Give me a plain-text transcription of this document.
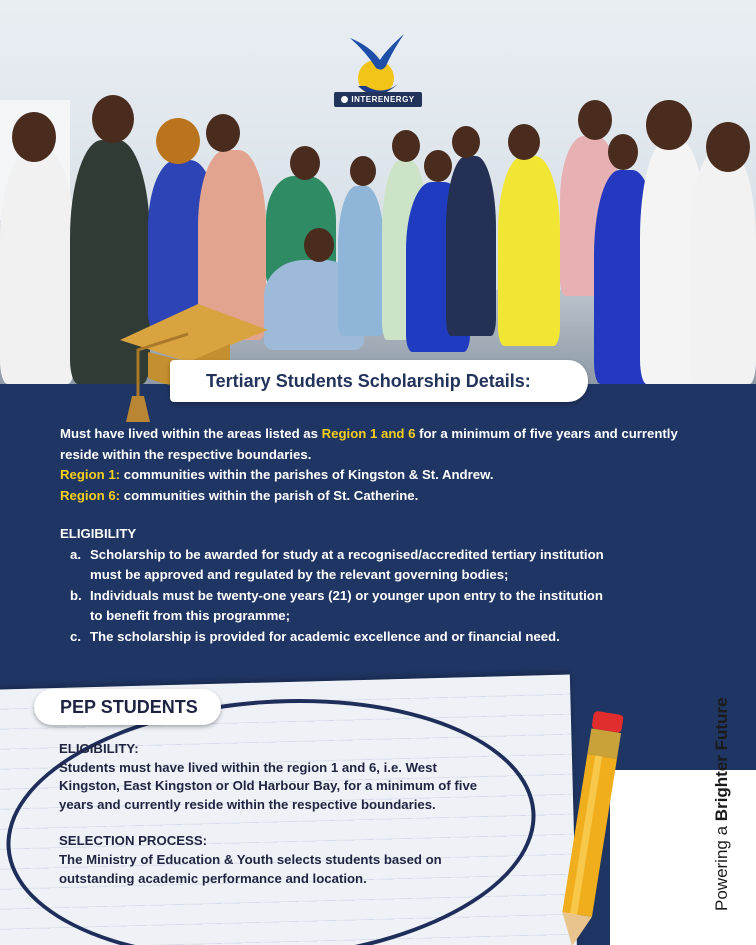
INTERENERGY
Tertiary Students Scholarship Details:

Must have lived within the areas listed as Region 1 and 6 for a minimum of five years and currently reside within the respective boundaries.

Region 1: communities within the parishes of Kingston & St. Andrew.

Region 6: communities within the parish of St. Catherine.

ELIGIBILITY

a. Scholarship to be awarded for study at a recognised/accredited tertiary institution must be approved and regulated by the relevant governing bodies;
b. Individuals must be twenty-one years (21) or younger upon entry to the institution to benefit from this programme;
c. The scholarship is provided for academic excellence and or financial need.
PEP STUDENTS

ELIGIBILITY:

Students must have lived within the region 1 and 6, i.e. West Kingston, East Kingston or Old Harbour Bay, for a minimum of five years and currently reside within the respective boundaries.

SELECTION PROCESS:

The Ministry of Education & Youth selects students based on outstanding academic performance and location.	Powering a Brighter Future
